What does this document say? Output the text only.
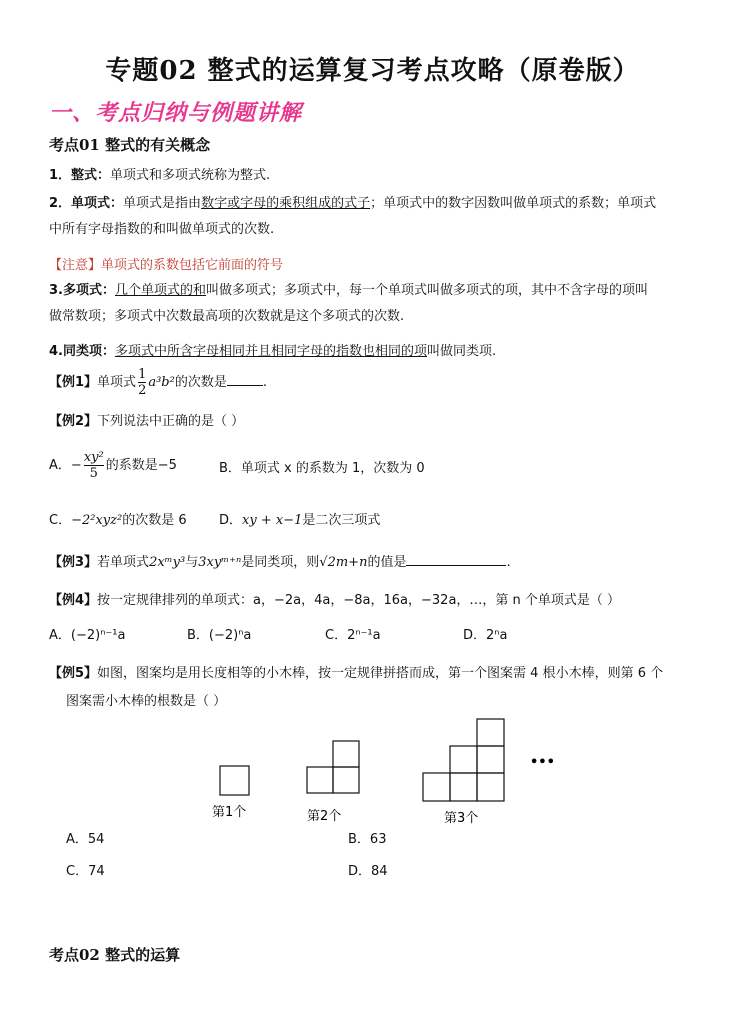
专题02 整式的运算复习考点攻略（原卷版）
一、考点归纳与例题讲解
考点01 整式的有关概念
1．整式：单项式和多项式统称为整式.
2．单项式：单项式是指由数字或字母的乘积组成的式子；单项式中的数字因数叫做单项式的系数；单项式
中所有字母指数的和叫做单项式的次数.
【注意】单项式的系数包括它前面的符号
3.多项式：几个单项式的和叫做多项式；多项式中，每一个单项式叫做多项式的项，其中不含字母的项叫
做常数项；多项式中次数最高项的次数就是这个多项式的次数.
4.同类项：多项式中所含字母相同并且相同字母的指数也相同的项叫做同类项.
【例1】单项式 $\frac{1}{2} a^3b^2$的次数是	.
【例2】下列说法中正确的是（ ）
A．− $\frac{\text{xy²}}{5}$ 的系数是−5	B．单项式 x 的系数为 1，次数为 0
C．−2²xyz²的次数是 6 D．xy + x−1是二次三项式
【例3】若单项式2xᵐy³与3xyᵐ⁺ⁿ是同类项，则√2m+n的值是	.
【例4】按一定规律排列的单项式：a，−2a，4a，−8a，16a，−32a，…，第 n 个单项式是（ ）
A．(−2)ⁿ⁻¹a	B．(−2)ⁿa	C．2ⁿ⁻¹a	D．2ⁿa
【例5】如图，图案均是用长度相等的小木棒，按一定规律拼搭而成，第一个图案需 4 根小木棒，则第 6 个
图案需小木棒的根数是（ ）
第1个	第2个	第3个
•••
A．54	B．63
C．74	D．84
考点02 整式的运算
